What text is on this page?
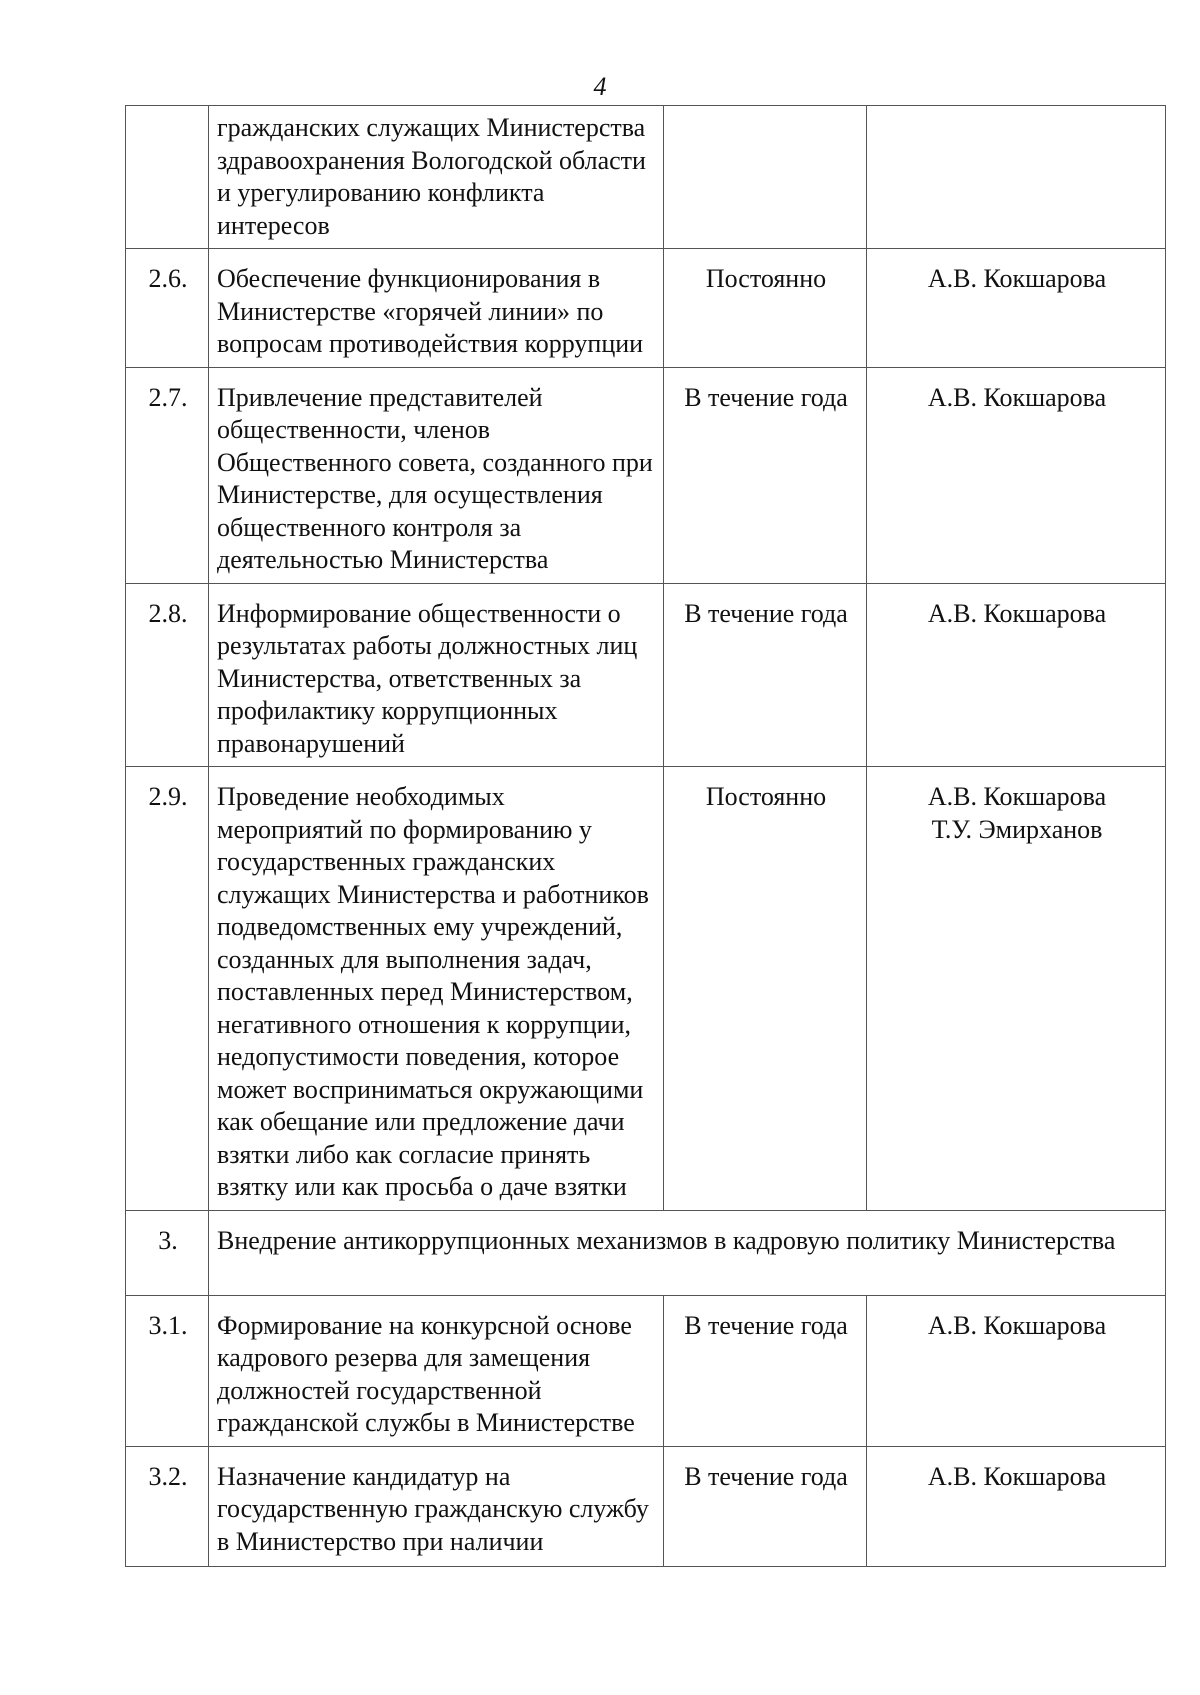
4
	гражданских служащих Министерства здравоохранения Вологодской области и урегулированию конфликта интересов		
2.6.	Обеспечение функционирования в Министерстве «горячей линии» по вопросам противодействия коррупции	Постоянно	А.В. Кокшарова

2.7.	Привлечение представителей общественности, членов Общественного совета, созданного при Министерстве, для осуществления общественного контроля за деятельностью Министерства	В течение года	А.В. Кокшарова

2.8.	Информирование общественности о результатах работы должностных лиц Министерства, ответственных за профилактику коррупционных правонарушений	В течение года	А.В. Кокшарова

2.9.	Проведение необходимых мероприятий по формированию у государственных гражданских служащих Министерства и работников подведомственных ему учреждений, созданных для выполнения задач, поставленных перед Министерством, негативного отношения к коррупции, недопустимости поведения, которое может восприниматься окружающими как обещание или предложение дачи взятки либо как согласие принять взятку или как просьба о даче взятки	Постоянно	А.В. Кокшарова
Т.У. Эмирханов

3.	Внедрение антикоррупционных механизмов в кадровую политику Министерства		
3.1.	Формирование на конкурсной основе кадрового резерва для замещения должностей государственной гражданской службы в Министерстве	В течение года	А.В. Кокшарова

3.2.	Назначение кандидатур на государственную гражданскую службу в Министерство при наличии	В течение года	А.В. Кокшарова
